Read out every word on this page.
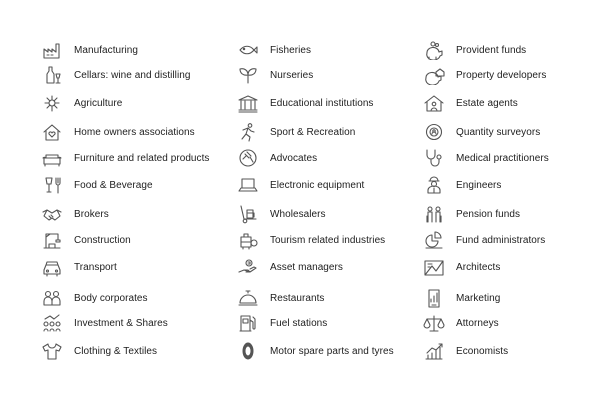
Manufacturing
Cellars: wine and distilling
Agriculture
Home owners associations
Furniture and related products
Food & Beverage
Brokers
Construction
Transport
Body corporates
Investment & Shares
Clothing & Textiles
Fisheries
Nurseries
Educational institutions
Sport & Recreation
Advocates
Electronic equipment
Wholesalers
Tourism related industries
Asset managers
Restaurants
Fuel stations
Motor spare parts and tyres
Provident funds
Property developers
Estate agents
Quantity surveyors
Medical practitioners
Engineers
Pension funds
Fund administrators
Architects
Marketing
Attorneys
Economists
